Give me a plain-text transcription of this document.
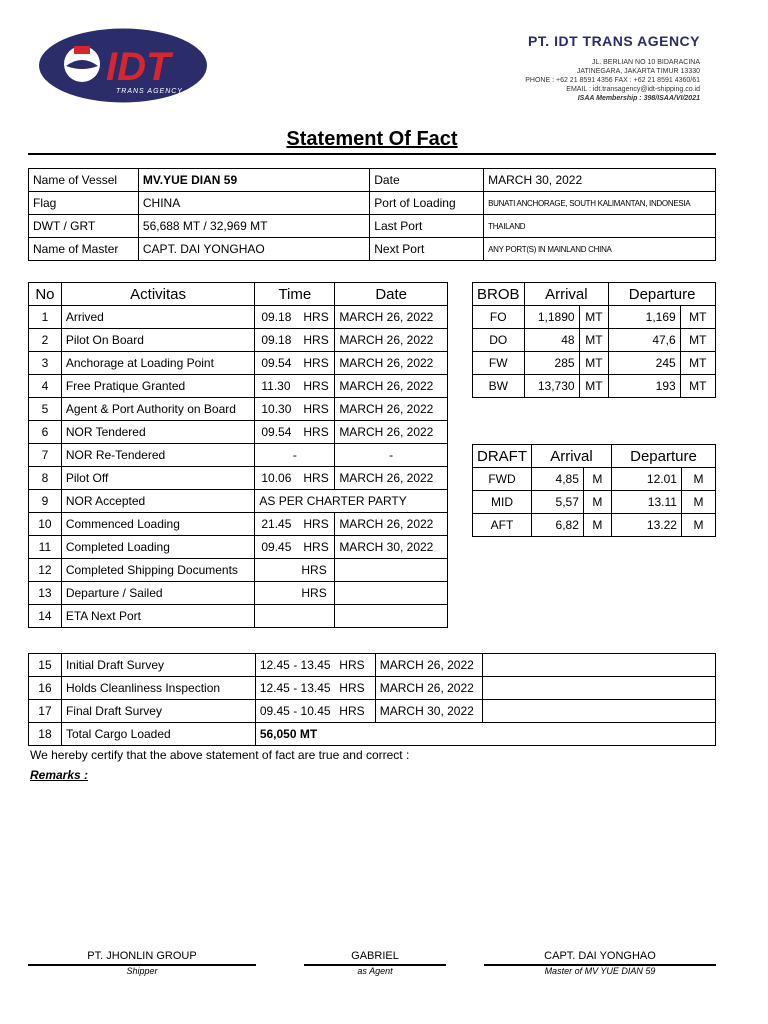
IDT
TRANS AGENCY
PT. IDT TRANS AGENCY
JL. BERLIAN NO 10 BIDARACINA
JATINEGARA, JAKARTA TIMUR 13330
PHONE : +62 21 8591 4356 FAX : +62 21 8591 4360/61
EMAIL : idt.transagency@idt-shipping.co.id
ISAA Membership : 398/ISAA/VI/2021
Statement Of Fact
Name of Vessel	MV.YUE DIAN 59	Date	MARCH 30, 2022
Flag	CHINA	Port of Loading	BUNATI ANCHORAGE, SOUTH KALIMANTAN, INDONESIA
DWT / GRT	56,688 MT / 32,969 MT	Last Port	THAILAND
Name of Master	CAPT. DAI YONGHAO	Next Port	ANY PORT(S) IN MAINLAND CHINA
No	Activitas	Time	Date
1	Arrived	09.18 HRS	MARCH 26, 2022
2	Pilot On Board	09.18 HRS	MARCH 26, 2022
3	Anchorage at Loading Point	09.54 HRS	MARCH 26, 2022
4	Free Pratique Granted	11.30 HRS	MARCH 26, 2022
5	Agent & Port Authority on Board	10.30 HRS	MARCH 26, 2022
6	NOR Tendered	09.54 HRS	MARCH 26, 2022
7	NOR Re-Tendered	-	-
8	Pilot Off	10.06 HRS	MARCH 26, 2022
9	NOR Accepted	AS PER CHARTER PARTY	
10	Commenced Loading	21.45 HRS	MARCH 26, 2022
11	Completed Loading	09.45 HRS	MARCH 30, 2022
12	Completed Shipping Documents	HRS	
13	Departure / Sailed	HRS	
14	ETA Next Port		
BROB	Arrival		Departure	
FO	1,1890	MT	1,169	MT
DO	48	MT	47,6	MT
FW	285	MT	245	MT
BW	13,730	MT	193	MT
DRAFT	Arrival		Departure	
FWD	4,85	M	12.01	M
MID	5,57	M	13.11	M
AFT	6,82	M	13.22	M
15	Initial Draft Survey	12.45 - 13.45	HRS	MARCH 26, 2022	
16	Holds Cleanliness Inspection	12.45 - 13.45	HRS	MARCH 26, 2022	
17	Final Draft Survey	09.45 - 10.45	HRS	MARCH 30, 2022	
18	Total Cargo Loaded	56,050 MT			
We hereby certify that the above statement of fact are true and correct :
Remarks :
PT. JHONLIN GROUP
Shipper
GABRIEL
as Agent
CAPT. DAI YONGHAO
Master of MV YUE DIAN 59
